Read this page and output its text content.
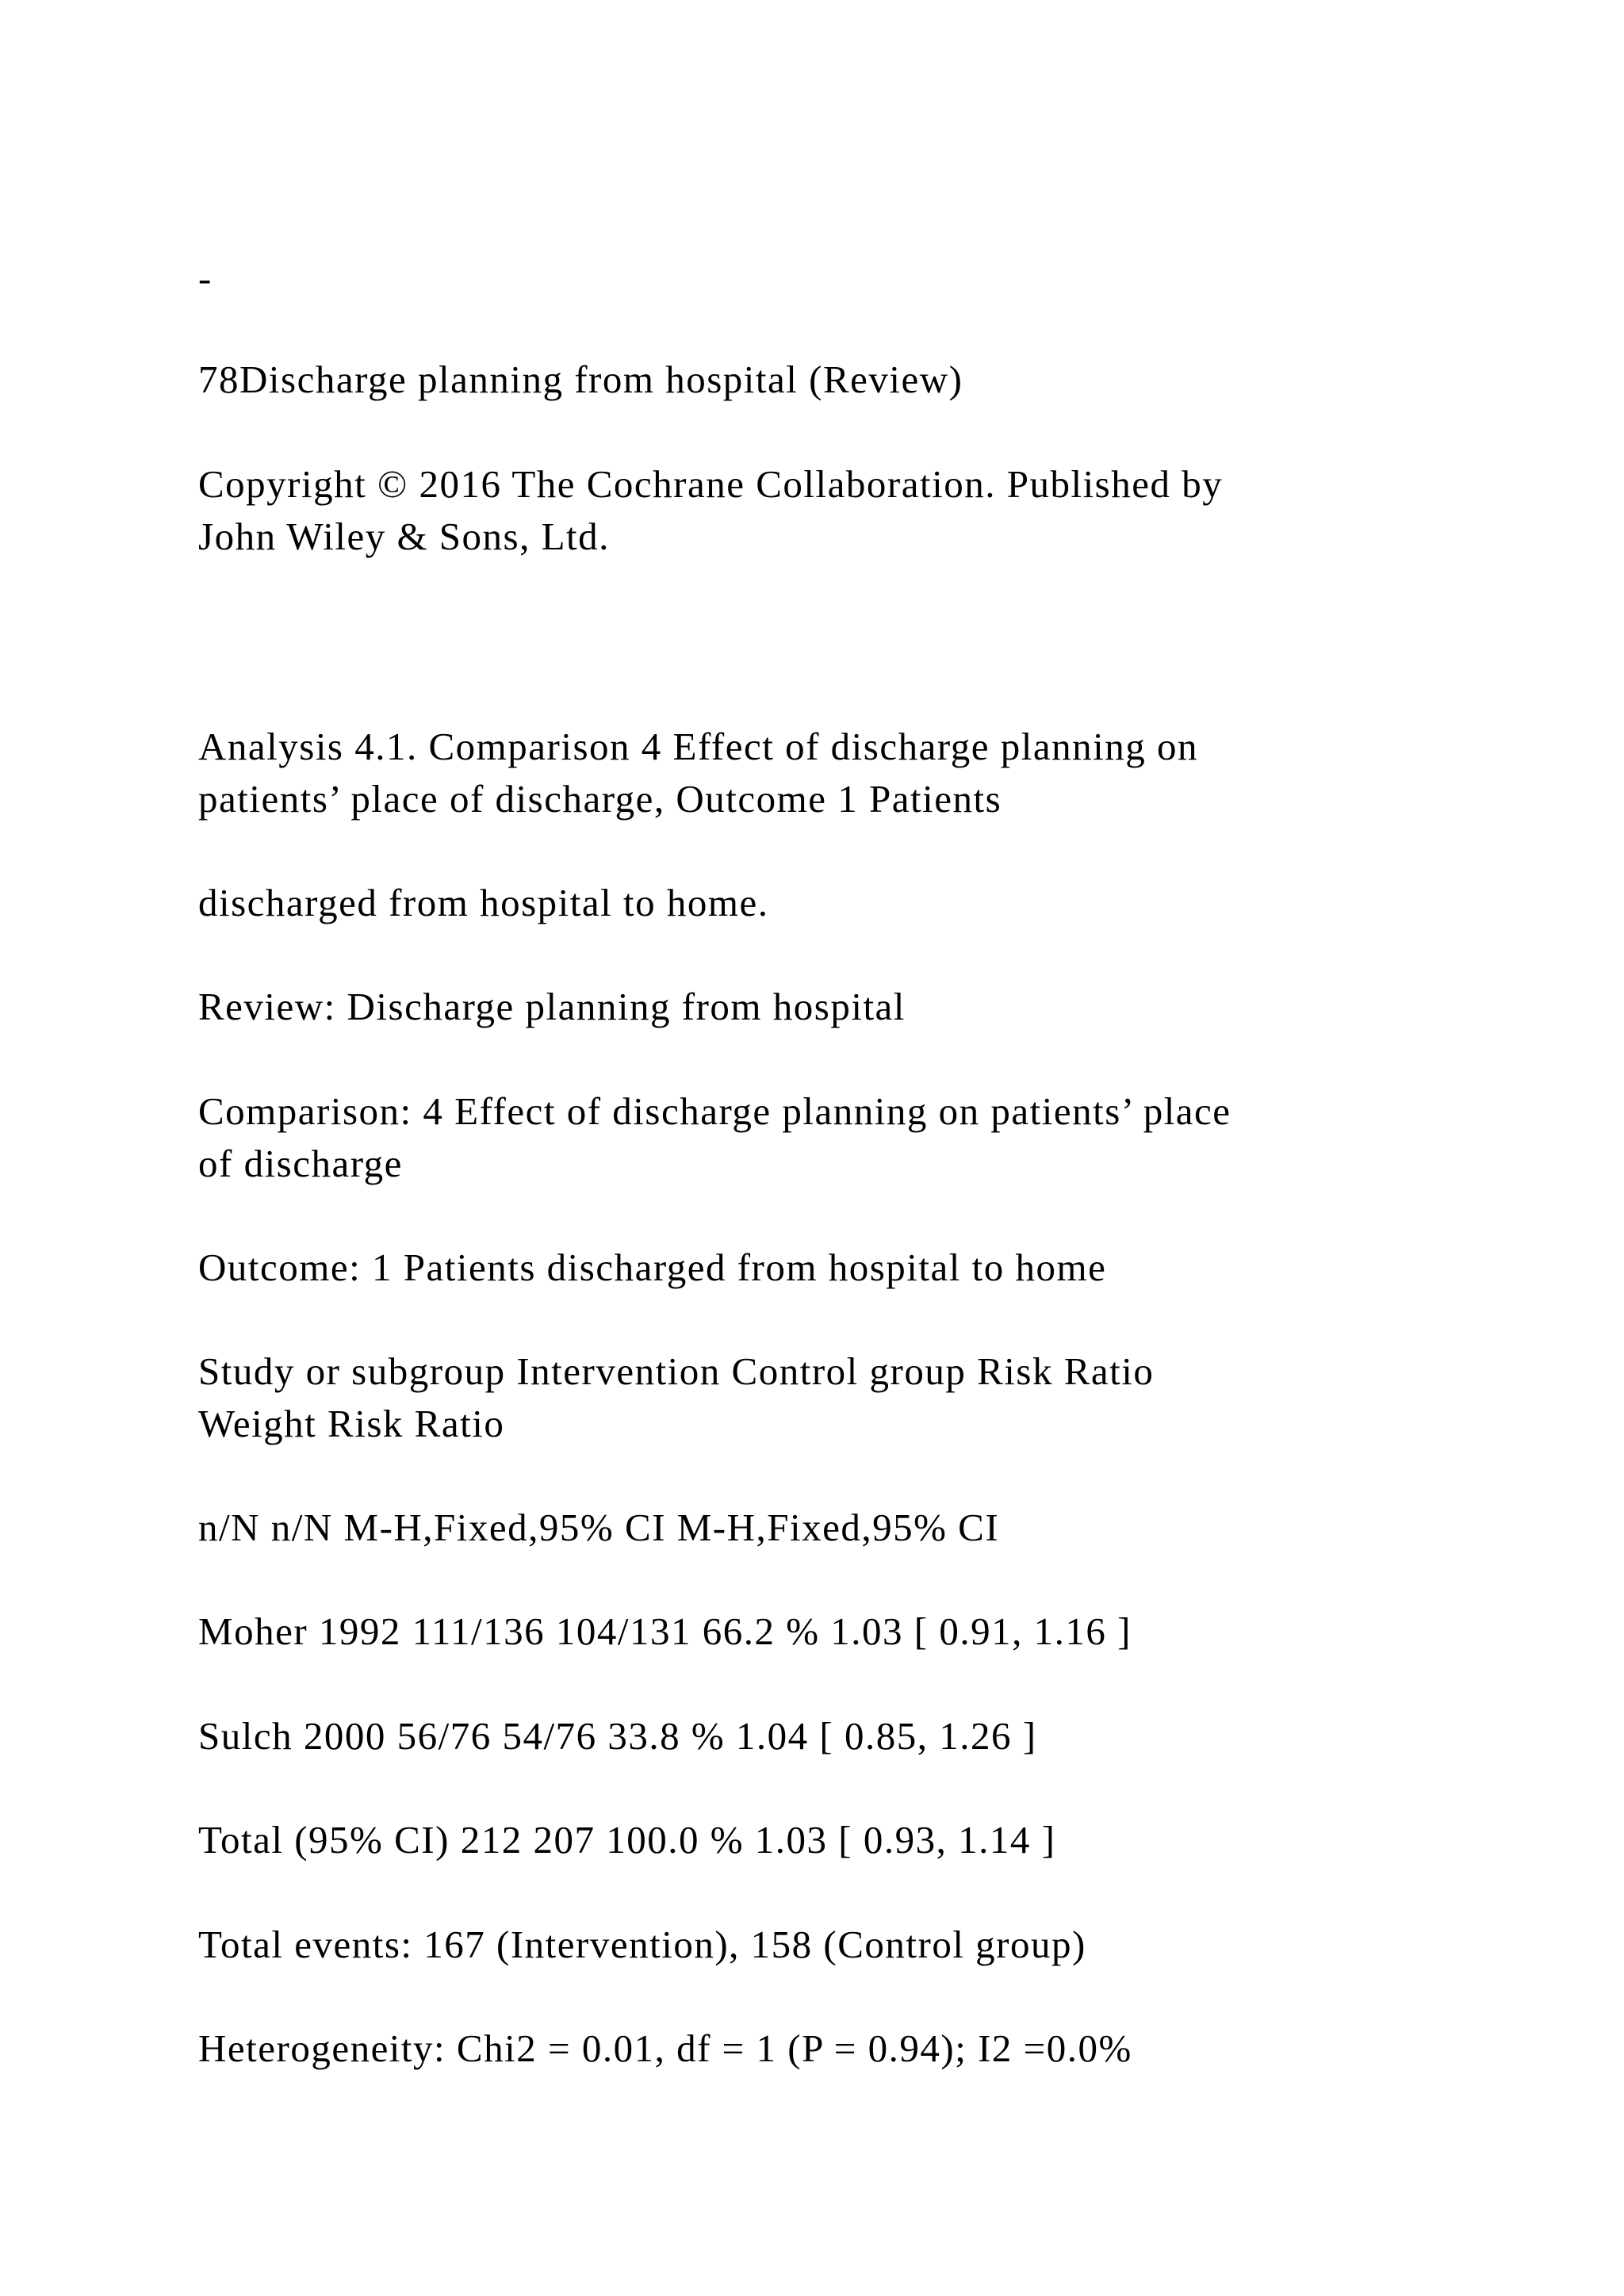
-

78Discharge planning from hospital (Review)

Copyright © 2016 The Cochrane Collaboration. Published by
John Wiley & Sons, Ltd.
Analysis 4.1. Comparison 4 Effect of discharge planning on
patients’ place of discharge, Outcome 1 Patients

discharged from hospital to home.

Review: Discharge planning from hospital

Comparison: 4 Effect of discharge planning on patients’ place
of discharge

Outcome: 1 Patients discharged from hospital to home

Study or subgroup Intervention Control group Risk Ratio
Weight Risk Ratio

n/N n/N M-H,Fixed,95% CI M-H,Fixed,95% CI

Moher 1992 111/136 104/131 66.2 % 1.03 [ 0.91, 1.16 ]

Sulch 2000 56/76 54/76 33.8 % 1.04 [ 0.85, 1.26 ]

Total (95% CI) 212 207 100.0 % 1.03 [ 0.93, 1.14 ]

Total events: 167 (Intervention), 158 (Control group)

Heterogeneity: Chi2 = 0.01, df = 1 (P = 0.94); I2 =0.0%
